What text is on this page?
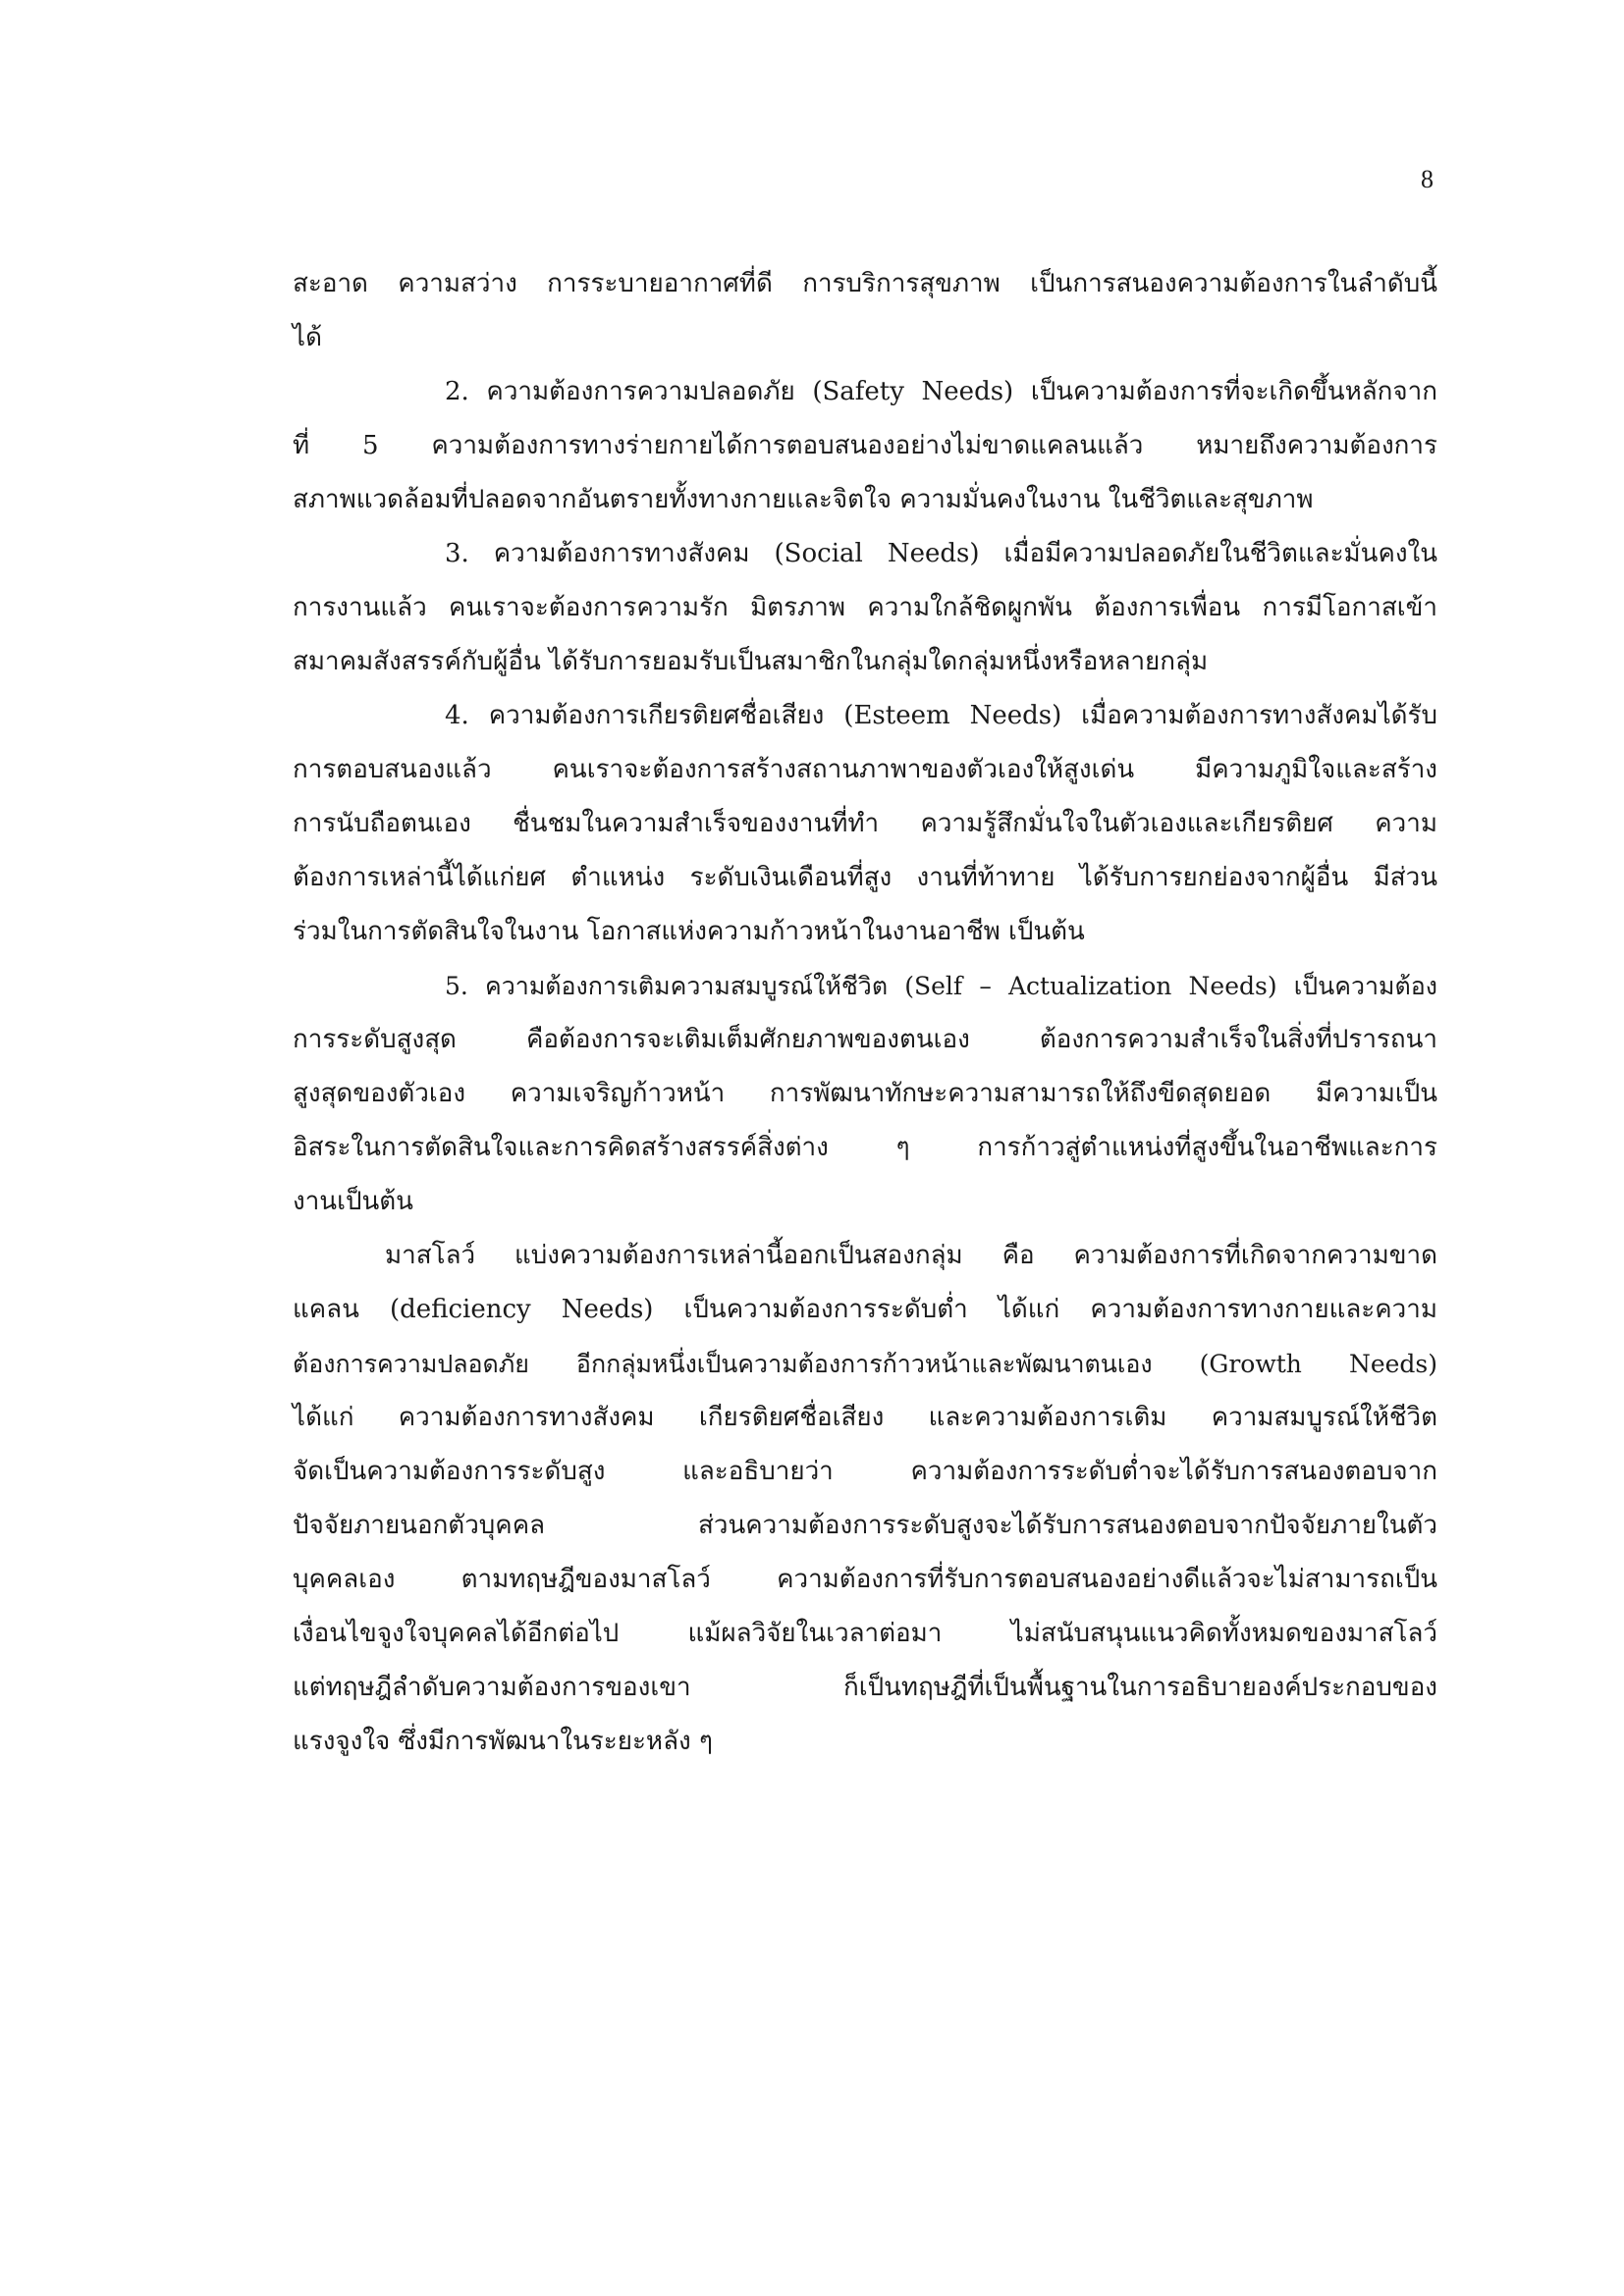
8
สะอาด ความสว่าง การระบายอากาศที่ดี การบริการสุขภาพ เป็นการสนองความต้องการในลำดับนี้
ได้
2. ความต้องการความปลอดภัย (Safety Needs) เป็นความต้องการที่จะเกิดขึ้นหลักจาก
ที่ 5 ความต้องการทางร่ายกายได้การตอบสนองอย่างไม่ขาดแคลนแล้ว หมายถึงความต้องการ
สภาพแวดล้อมที่ปลอดจากอันตรายทั้งทางกายและจิตใจ ความมั่นคงในงาน ในชีวิตและสุขภาพ
3. ความต้องการทางสังคม (Social Needs) เมื่อมีความปลอดภัยในชีวิตและมั่นคงใน
การงานแล้ว คนเราจะต้องการความรัก มิตรภาพ ความใกล้ชิดผูกพัน ต้องการเพื่อน การมีโอกาสเข้า
สมาคมสังสรรค์กับผู้อื่น ได้รับการยอมรับเป็นสมาชิกในกลุ่มใดกลุ่มหนึ่งหรือหลายกลุ่ม
4. ความต้องการเกียรติยศชื่อเสียง (Esteem Needs) เมื่อความต้องการทางสังคมได้รับ
การตอบสนองแล้ว คนเราจะต้องการสร้างสถานภาพาของตัวเองให้สูงเด่น มีความภูมิใจและสร้าง
การนับถือตนเอง ชื่นชมในความสำเร็จของงานที่ทำ ความรู้สึกมั่นใจในตัวเองและเกียรติยศ ความ
ต้องการเหล่านี้ได้แก่ยศ ตำแหน่ง ระดับเงินเดือนที่สูง งานที่ท้าทาย ได้รับการยกย่องจากผู้อื่น มีส่วน
ร่วมในการตัดสินใจในงาน โอกาสแห่งความก้าวหน้าในงานอาชีพ เป็นต้น
5. ความต้องการเติมความสมบูรณ์ให้ชีวิต (Self – Actualization Needs) เป็นความต้อง
การระดับสูงสุด คือต้องการจะเติมเต็มศักยภาพของตนเอง ต้องการความสำเร็จในสิ่งที่ปรารถนา
สูงสุดของตัวเอง ความเจริญก้าวหน้า การพัฒนาทักษะความสามารถให้ถึงขีดสุดยอด มีความเป็น
อิสระในการตัดสินใจและการคิดสร้างสรรค์สิ่งต่าง ๆ การก้าวสู่ตำแหน่งที่สูงขึ้นในอาชีพและการ
งานเป็นต้น
มาสโลว์ แบ่งความต้องการเหล่านี้ออกเป็นสองกลุ่ม คือ ความต้องการที่เกิดจากความขาด
แคลน (deficiency Needs) เป็นความต้องการระดับต่ำ ได้แก่ ความต้องการทางกายและความ
ต้องการความปลอดภัย อีกกลุ่มหนึ่งเป็นความต้องการก้าวหน้าและพัฒนาตนเอง (Growth Needs)
ได้แก่ ความต้องการทางสังคม เกียรติยศชื่อเสียง และความต้องการเติม ความสมบูรณ์ให้ชีวิต
จัดเป็นความต้องการระดับสูง และอธิบายว่า ความต้องการระดับต่ำจะได้รับการสนองตอบจาก
ปัจจัยภายนอกตัวบุคคล ส่วนความต้องการระดับสูงจะได้รับการสนองตอบจากปัจจัยภายในตัว
บุคคลเอง ตามทฤษฎีของมาสโลว์ ความต้องการที่รับการตอบสนองอย่างดีแล้วจะไม่สามารถเป็น
เงื่อนไขจูงใจบุคคลได้อีกต่อไป แม้ผลวิจัยในเวลาต่อมา ไม่สนับสนุนแนวคิดทั้งหมดของมาสโลว์
แต่ทฤษฎีลำดับความต้องการของเขา ก็เป็นทฤษฎีที่เป็นพื้นฐานในการอธิบายองค์ประกอบของ
แรงจูงใจ ซึ่งมีการพัฒนาในระยะหลัง ๆ
